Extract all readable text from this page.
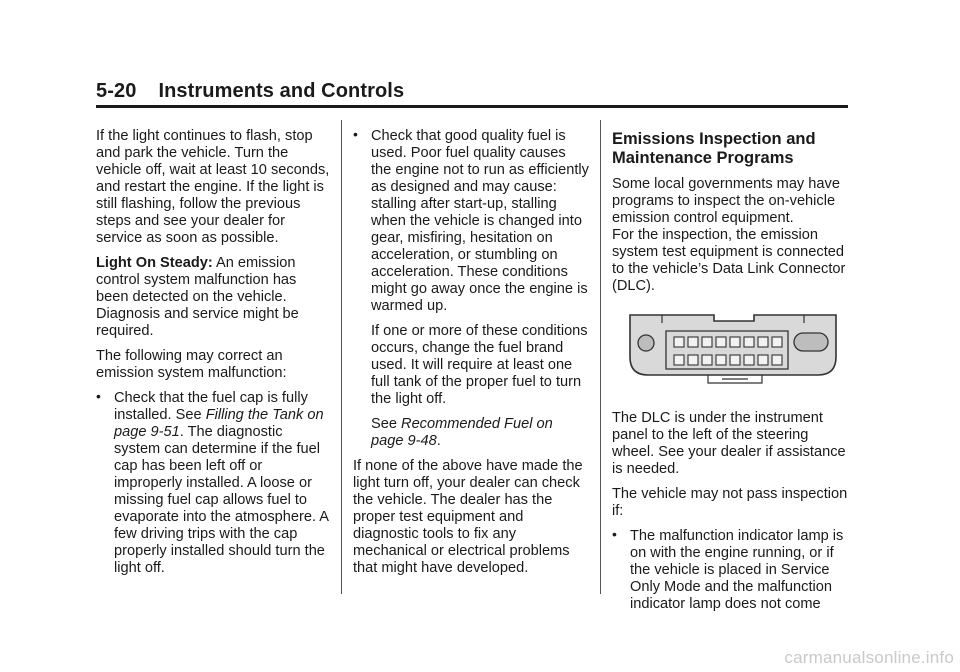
5-20 Instruments and Controls

If the light continues to flash, stop and park the vehicle. Turn the vehicle off, wait at least 10 seconds, and restart the engine. If the light is still flashing, follow the previous steps and see your dealer for service as soon as possible.

Light On Steady: An emission control system malfunction has been detected on the vehicle. Diagnosis and service might be required.

The following may correct an emission system malfunction:

• Check that the fuel cap is fully installed. See Filling the Tank on page 9-51. The diagnostic system can determine if the fuel cap has been left off or improperly installed. A loose or missing fuel cap allows fuel to evaporate into the atmosphere. A few driving trips with the cap properly installed should turn the light off.
• Check that good quality fuel is used. Poor fuel quality causes the engine not to run as efficiently as designed and may cause: stalling after start-up, stalling when the vehicle is changed into gear, misfiring, hesitation on acceleration, or stumbling on acceleration. These conditions might go away once the engine is warmed up.

If one or more of these conditions occurs, change the fuel brand used. It will require at least one full tank of the proper fuel to turn the light off.

See Recommended Fuel on page 9-48.

If none of the above have made the light turn off, your dealer can check the vehicle. The dealer has the proper test equipment and diagnostic tools to fix any mechanical or electrical problems that might have developed.

Emissions Inspection and Maintenance Programs

Some local governments may have programs to inspect the on-vehicle emission control equipment.

For the inspection, the emission system test equipment is connected to the vehicle’s Data Link Connector (DLC).

The DLC is under the instrument panel to the left of the steering wheel. See your dealer if assistance is needed.

The vehicle may not pass inspection if:

• The malfunction indicator lamp is on with the engine running, or if the vehicle is placed in Service Only Mode and the malfunction indicator lamp does not come
carmanualsonline.info
